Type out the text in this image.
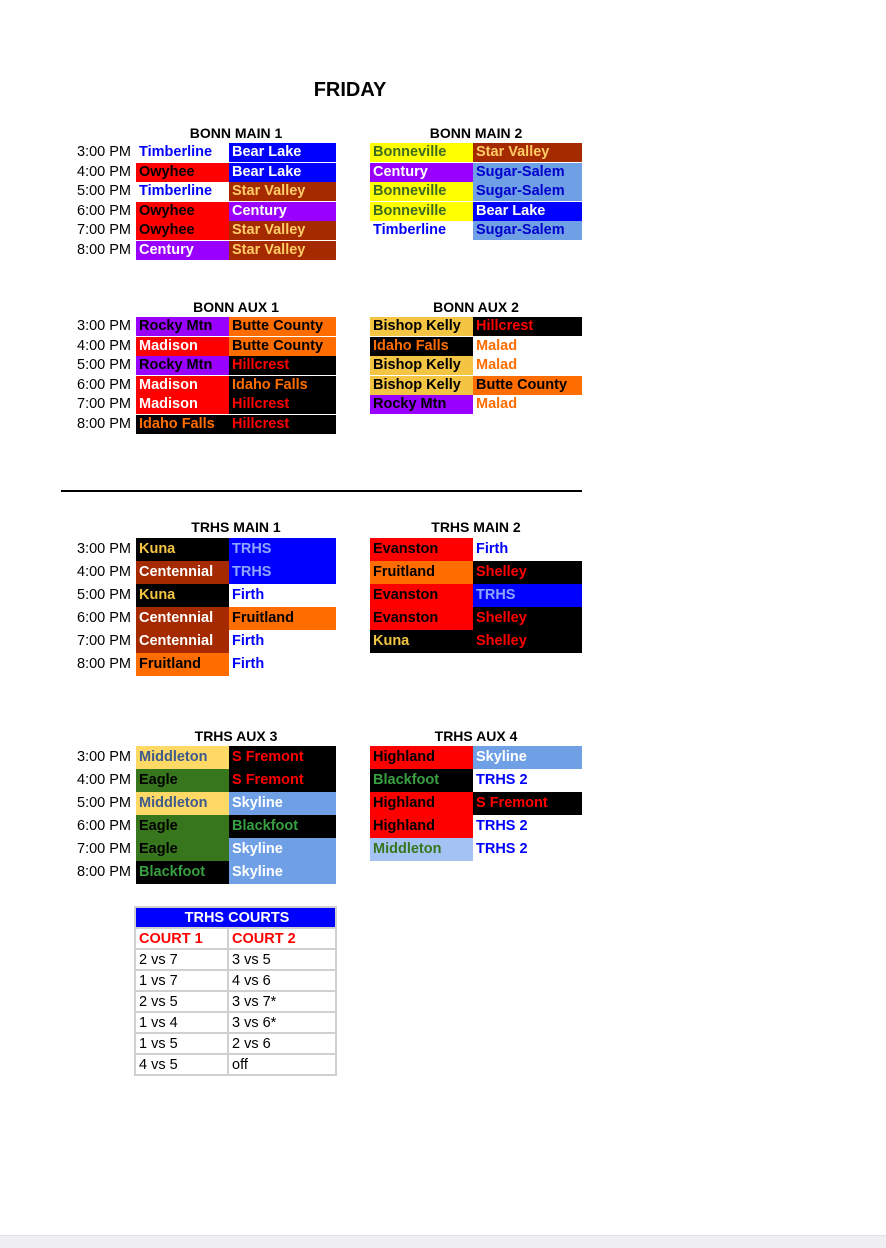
FRIDAY
BONN MAIN 1	BONN MAIN 2
3:00 PM Timberline	Bear Lake
4:00 PM Owyhee	Bear Lake
5:00 PM Timberline	Star Valley
6:00 PM Owyhee	Century
7:00 PM Owyhee	Star Valley
8:00 PM Century	Star Valley
Bonneville	Star Valley
Century	Sugar-Salem
Bonneville	Sugar-Salem
Bonneville	Bear Lake
Timberline	Sugar-Salem
BONN AUX 1	BONN AUX 2
3:00 PM Rocky Mtn	Butte County
4:00 PM Madison	Butte County
5:00 PM Rocky Mtn	Hillcrest
6:00 PM Madison	Idaho Falls
7:00 PM Madison	Hillcrest
8:00 PM Idaho Falls	Hillcrest
Bishop Kelly	Hillcrest
Idaho Falls	Malad
Bishop Kelly	Malad
Bishop Kelly	Butte County
Rocky Mtn	Malad
TRHS MAIN 1	TRHS MAIN 2
3:00 PM Kuna	TRHS
4:00 PM Centennial	TRHS
5:00 PM Kuna	Firth
6:00 PM Centennial	Fruitland
7:00 PM Centennial	Firth
8:00 PM Fruitland	Firth
Evanston	Firth
Fruitland	Shelley
Evanston	TRHS
Evanston	Shelley
Kuna	Shelley
TRHS AUX 3	TRHS AUX 4
3:00 PM Middleton	S Fremont
4:00 PM Eagle	S Fremont
5:00 PM Middleton	Skyline
6:00 PM Eagle	Blackfoot
7:00 PM Eagle	Skyline
8:00 PM Blackfoot	Skyline
Highland	Skyline
Blackfoot	TRHS 2
Highland	S Fremont
Highland	TRHS 2
Middleton	TRHS 2
TRHS COURTS	
COURT 1	COURT 2
2 vs 7	3 vs 5
1 vs 7	4 vs 6
2 vs 5	3 vs 7*
1 vs 4	3 vs 6*
1 vs 5	2 vs 6
4 vs 5	off
